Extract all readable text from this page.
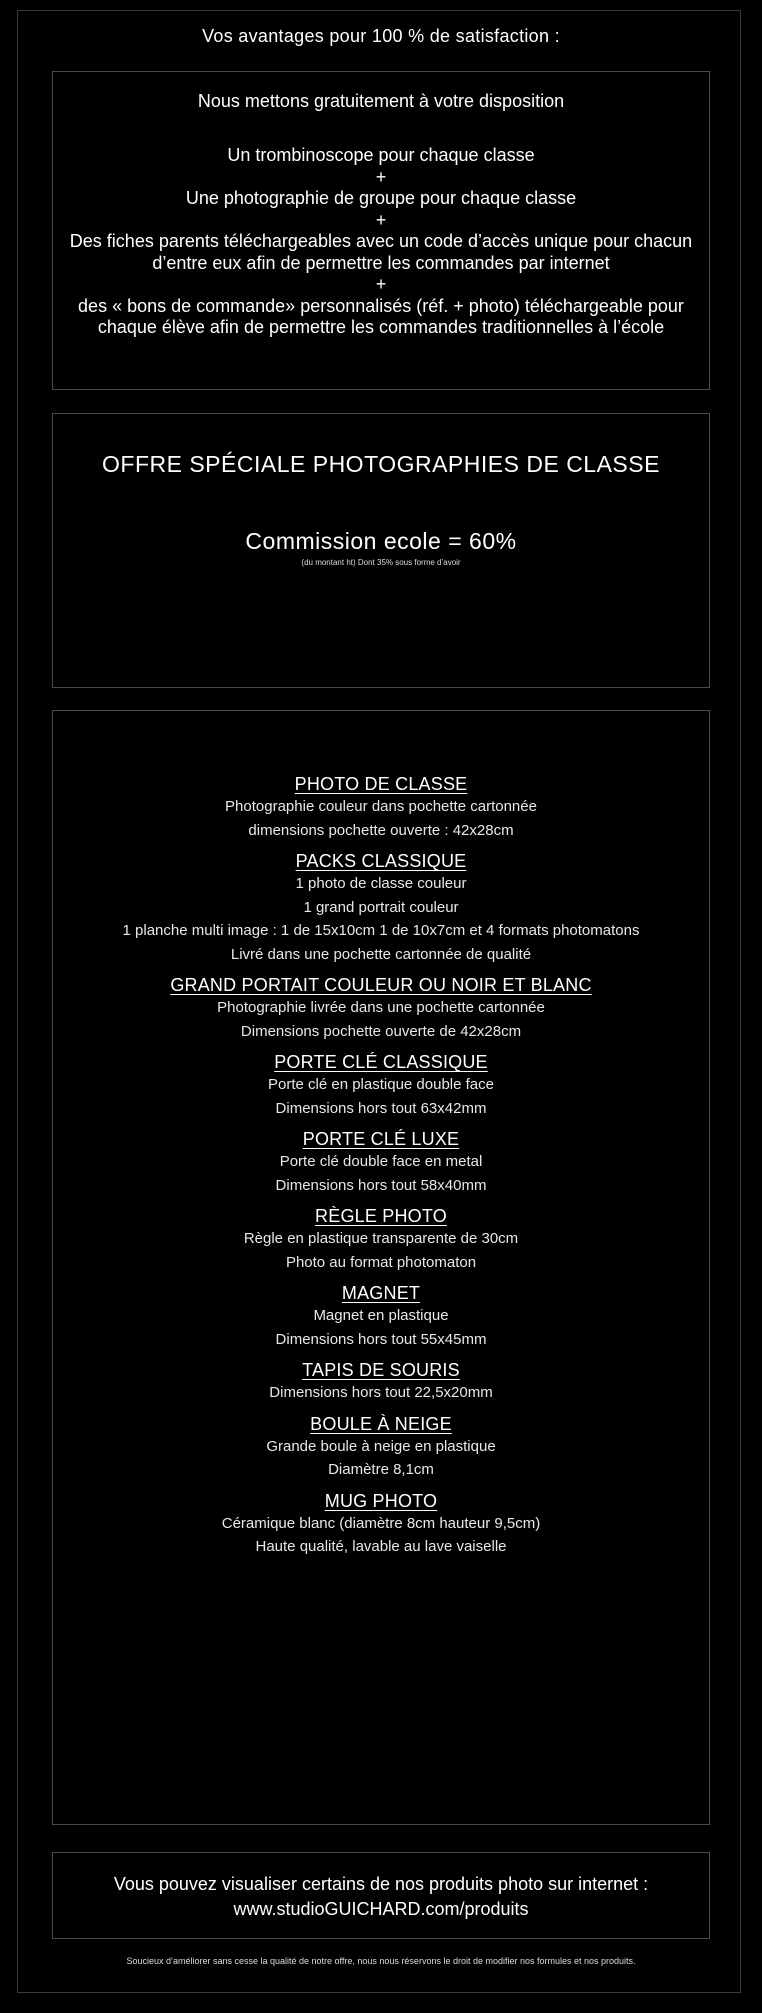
Vos avantages pour 100 % de satisfaction :
Nous mettons gratuitement à votre disposition
Un trombinoscope pour chaque classe
+
Une photographie de groupe pour chaque classe
+
Des fiches parents téléchargeables avec un code d’accès unique pour chacun d’entre eux afin de permettre les commandes par internet
+
des « bons de commande» personnalisés (réf. + photo) téléchargeable pour chaque élève afin de permettre les commandes traditionnelles à l’école
OFFRE SPÉCIALE PHOTOGRAPHIES DE CLASSE
Commission ecole = 60%
(du montant ht) Dont 35% sous forme d’avoir
PHOTO DE CLASSE
Photographie couleur dans pochette cartonnée
dimensions pochette ouverte : 42x28cm
PACKS CLASSIQUE
1 photo de classe couleur
1 grand portrait couleur
1 planche multi image : 1 de 15x10cm 1 de 10x7cm et 4 formats photomatons
Livré dans une pochette cartonnée de qualité
GRAND PORTAIT COULEUR OU NOIR ET BLANC
Photographie livrée dans une pochette cartonnée
Dimensions pochette ouverte de 42x28cm
PORTE CLÉ CLASSIQUE
Porte clé en plastique double face
Dimensions hors tout 63x42mm
PORTE CLÉ LUXE
Porte clé double face en metal
Dimensions hors tout 58x40mm
RÈGLE PHOTO
Règle en plastique transparente de 30cm
Photo au format photomaton
MAGNET
Magnet en plastique
Dimensions hors tout 55x45mm
TAPIS DE SOURIS
Dimensions hors tout 22,5x20mm
BOULE À NEIGE
Grande boule à neige en plastique
Diamètre 8,1cm
MUG PHOTO
Céramique blanc (diamètre 8cm hauteur 9,5cm)
Haute qualité, lavable au lave vaiselle
Vous pouvez visualiser certains de nos produits photo sur internet :
www.studioGUICHARD.com/produits
Soucieux d’améliorer sans cesse la qualité de notre offre, nous nous réservons le droit de modifier nos formules et nos produits.
